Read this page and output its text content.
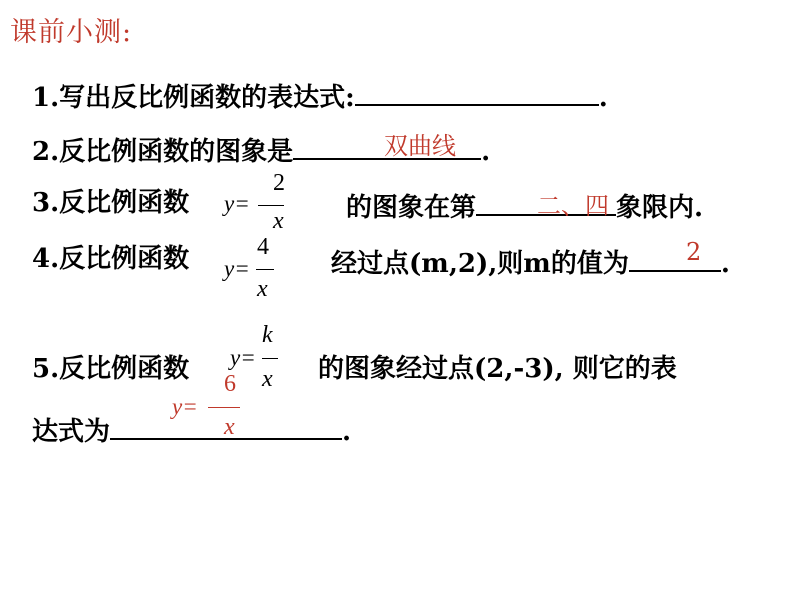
课前小测:
1.写出反比例函数的表达式:	.
2.反比例函数的图象是	.
双曲线
3.反比例函数 y=
2
x 的图象在第	象限内.
二、四
4.反比例函数 y=
4
x
经过点(m,2),则m的值为	.
2
5.反比例函数 y=
k
x 的图象经过点(2,-3), 则它的表
6
y=
x
达式为	.
